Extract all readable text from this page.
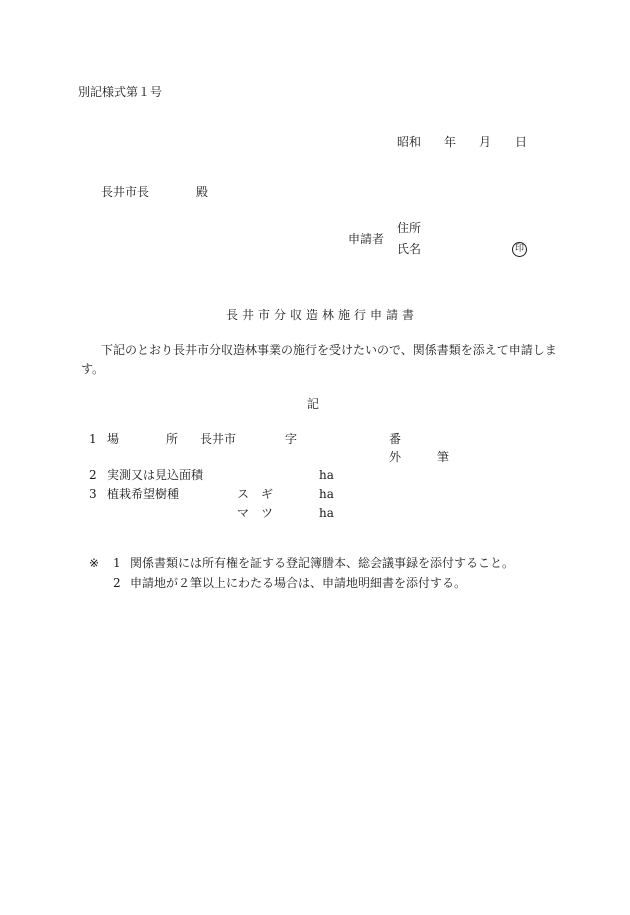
別記様式第１号
昭和 年 月 日
長井市長	殿
住所
申請者
氏名	印
長井市分収造林施行申請書
下記のとおり長井市分収造林事業の施行を受けたいので、関係書類を添えて申請しま
す。
記
1 場	所 長井市	字	番
外	筆
2 実測又は見込面積	ha
3 植栽希望樹種	ス ギ	ha
マ ツ	ha
※ 1 関係書類には所有権を証する登記簿謄本、総会議事録を添付すること。
2 申請地が２筆以上にわたる場合は、申請地明細書を添付する。
